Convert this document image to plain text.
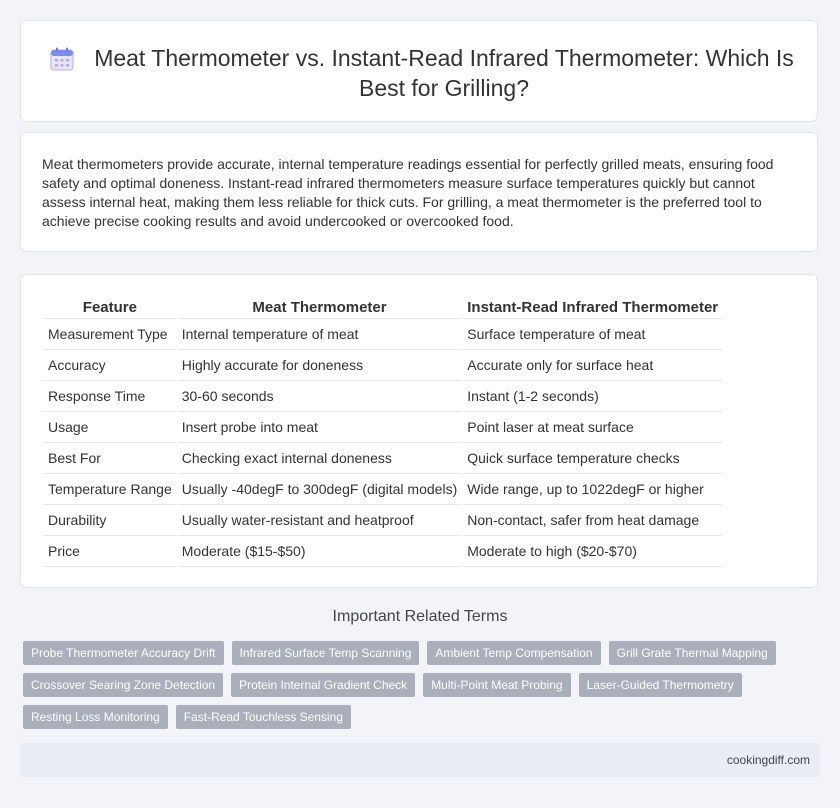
Meat Thermometer vs. Instant-Read Infrared Thermometer: Which Is Best for Grilling?

Meat thermometers provide accurate, internal temperature readings essential for perfectly grilled meats, ensuring food safety and optimal doneness. Instant-read infrared thermometers measure surface temperatures quickly but cannot assess internal heat, making them less reliable for thick cuts. For grilling, a meat thermometer is the preferred tool to achieve precise cooking results and avoid undercooked or overcooked food.

Feature	Meat Thermometer	Instant-Read Infrared Thermometer
Measurement Type	Internal temperature of meat	Surface temperature of meat
Accuracy	Highly accurate for doneness	Accurate only for surface heat
Response Time	30-60 seconds	Instant (1-2 seconds)
Usage	Insert probe into meat	Point laser at meat surface
Best For	Checking exact internal doneness	Quick surface temperature checks
Temperature Range	Usually -40degF to 300degF (digital models)	Wide range, up to 1022degF or higher
Durability	Usually water-resistant and heatproof	Non-contact, safer from heat damage
Price	Moderate ($15-$50)	Moderate to high ($20-$70)
Important Related Terms
Probe Thermometer Accuracy Drift	Infrared Surface Temp Scanning	Ambient Temp Compensation	Grill Grate Thermal Mapping
Crossover Searing Zone Detection	Protein Internal Gradient Check	Multi-Point Meat Probing	Laser-Guided Thermometry
Resting Loss Monitoring	Fast-Read Touchless Sensing
cookingdiff.com
